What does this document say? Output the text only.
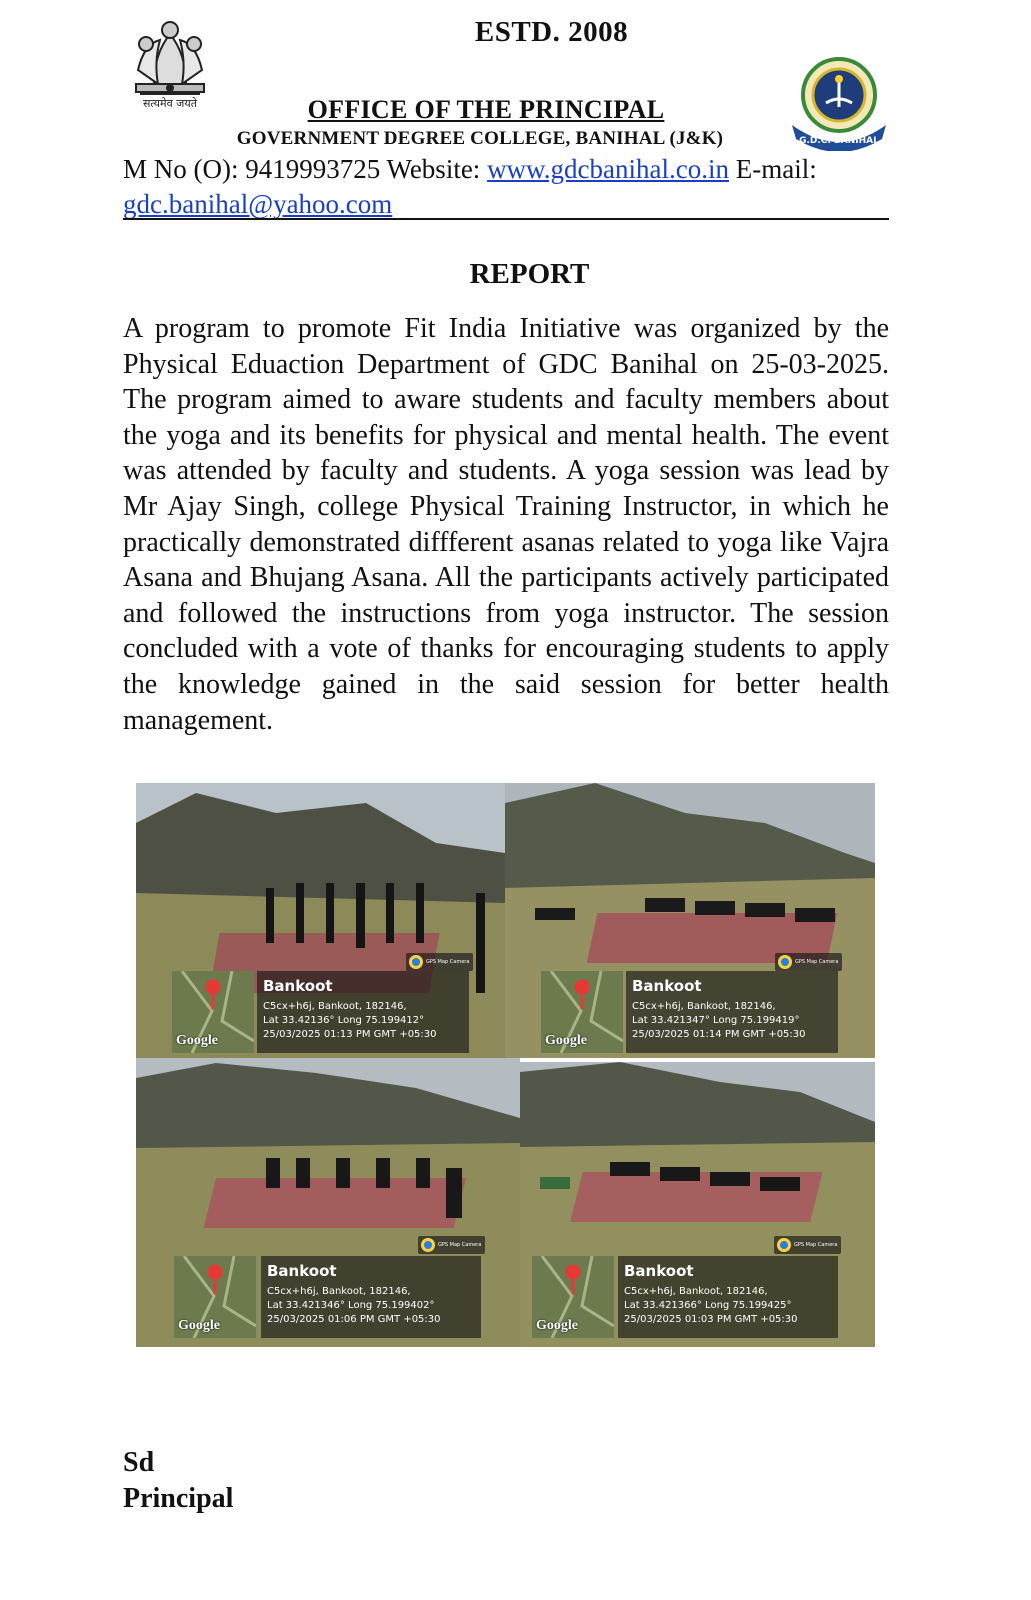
सत्यमेव जयते
ESTD. 2008
OFFICE OF THE PRINCIPAL
GOVERNMENT DEGREE COLLEGE, BANIHAL (J&K)	G.D.C. BANIHAL
M No (O): 9419993725 Website: www.gdcbanihal.co.in E-mail:
gdc.banihal@yahoo.com
REPORT

A program to promote Fit India Initiative was organized by the Physical Eduaction Department of GDC Banihal on 25-03-2025. The program aimed to aware students and faculty members about the yoga and its benefits for physical and mental health. The event was attended by faculty and students. A yoga session was lead by Mr Ajay Singh, college Physical Training Instructor, in which he practically demonstrated diffferent asanas related to yoga like Vajra Asana and Bhujang Asana. All the participants actively participated and followed the instructions from yoga instructor. The session concluded with a vote of thanks for encouraging students to apply the knowledge gained in the said session for better health management.

GPS Map Camera
Google
Bankoot
C5cx+h6j, Bankoot, 182146,
Lat 33.42136° Long 75.199412°
25/03/2025 01:13 PM GMT +05:30
GPS Map Camera
Google
Bankoot
C5cx+h6j, Bankoot, 182146,
Lat 33.421347° Long 75.199419°
25/03/2025 01:14 PM GMT +05:30
GPS Map Camera
Google
Bankoot
C5cx+h6j, Bankoot, 182146,
Lat 33.421346° Long 75.199402°
25/03/2025 01:06 PM GMT +05:30
GPS Map Camera
Google
Bankoot
C5cx+h6j, Bankoot, 182146,
Lat 33.421366° Long 75.199425°
25/03/2025 01:03 PM GMT +05:30
Sd
Principal
